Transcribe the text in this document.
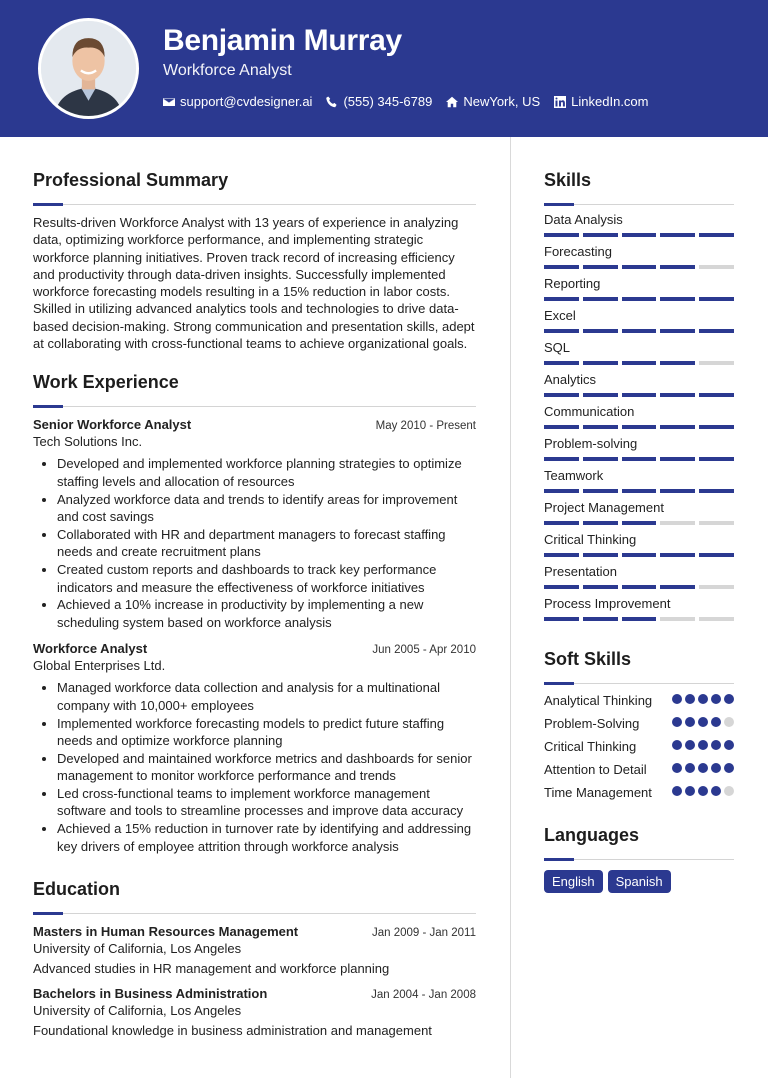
Benjamin Murray
Workforce Analyst
support@cvdesigner.ai (555) 345-6789 NewYork, US LinkedIn.com
Professional Summary
Results-driven Workforce Analyst with 13 years of experience in analyzing data, optimizing workforce performance, and implementing strategic workforce planning initiatives. Proven track record of increasing efficiency and productivity through data-driven insights. Successfully implemented workforce forecasting models resulting in a 15% reduction in labor costs. Skilled in utilizing advanced analytics tools and technologies to drive data-based decision-making. Strong communication and presentation skills, adept at collaborating with cross-functional teams to achieve organizational goals.
Work Experience
Senior Workforce Analyst	May 2010 - Present
Tech Solutions Inc.
• Developed and implemented workforce planning strategies to optimize staffing levels and allocation of resources
• Analyzed workforce data and trends to identify areas for improvement and cost savings
• Collaborated with HR and department managers to forecast staffing needs and create recruitment plans
• Created custom reports and dashboards to track key performance indicators and measure the effectiveness of workforce initiatives
• Achieved a 10% increase in productivity by implementing a new scheduling system based on workforce analysis
Workforce Analyst	Jun 2005 - Apr 2010
Global Enterprises Ltd.
• Managed workforce data collection and analysis for a multinational company with 10,000+ employees
• Implemented workforce forecasting models to predict future staffing needs and optimize workforce planning
• Developed and maintained workforce metrics and dashboards for senior management to monitor workforce performance and trends
• Led cross-functional teams to implement workforce management software and tools to streamline processes and improve data accuracy
• Achieved a 15% reduction in turnover rate by identifying and addressing key drivers of employee attrition through workforce analysis
Education
Masters in Human Resources Management	Jan 2009 - Jan 2011
University of California, Los Angeles
Advanced studies in HR management and workforce planning
Bachelors in Business Administration	Jan 2004 - Jan 2008
University of California, Los Angeles
Foundational knowledge in business administration and management
Skills
Data Analysis
Forecasting
Reporting
Excel
SQL
Analytics
Communication
Problem-solving
Teamwork
Project Management
Critical Thinking
Presentation
Process Improvement
Soft Skills
Analytical Thinking
Problem-Solving
Critical Thinking
Attention to Detail
Time Management
Languages
English	Spanish
